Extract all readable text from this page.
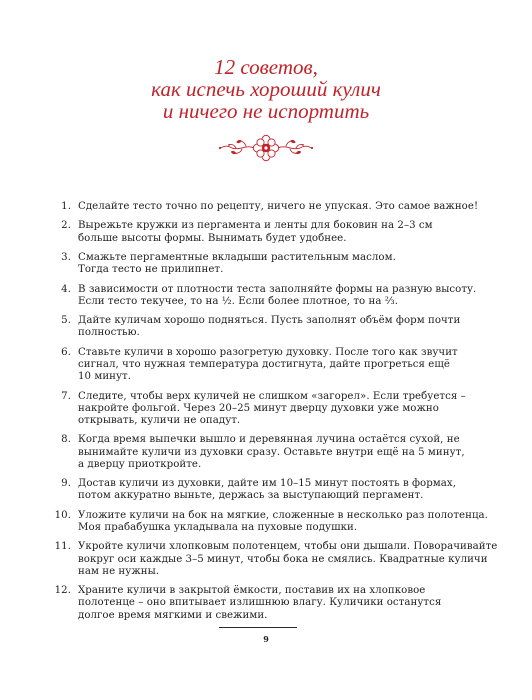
12 советов,
как испечь хороший кулич
и ничего не испортить
1. Сделайте тесто точно по рецепту, ничего не упуская. Это самое важное!
2. Вырежьте кружки из пергамента и ленты для боковин на 2–3 см
больше высоты формы. Вынимать будет удобнее.
3. Смажьте пергаментные вкладыши растительным маслом.
Тогда тесто не прилипнет.
4. В зависимости от плотности теста заполняйте формы на разную высоту.
Если тесто текучее, то на ½. Если более плотное, то на ⅔.
5. Дайте куличам хорошо подняться. Пусть заполнят объём форм почти
полностью.
6. Ставьте куличи в хорошо разогретую духовку. После того как звучит
сигнал, что нужная температура достигнута, дайте прогреться ещё
10 минут.
7. Следите, чтобы верх куличей не слишком «загорел». Если требуется –
накройте фольгой. Через 20–25 минут дверцу духовки уже можно
открывать, куличи не опадут.
8. Когда время выпечки вышло и деревянная лучина остаётся сухой, не
вынимайте куличи из духовки сразу. Оставьте внутри ещё на 5 минут,
а дверцу приоткройте.
9. Достав куличи из духовки, дайте им 10–15 минут постоять в формах,
потом аккуратно выньте, держась за выступающий пергамент.
10. Уложите куличи на бок на мягкие, сложенные в несколько раз полотенца.
Моя прабабушка укладывала на пуховые подушки.
11. Укройте куличи хлопковым полотенцем, чтобы они дышали. Поворачивайте
вокруг оси каждые 3–5 минут, чтобы бока не смялись. Квадратные куличи
нам не нужны.
12. Храните куличи в закрытой ёмкости, поставив их на хлопковое
полотенце – оно впитывает излишнюю влагу. Куличики останутся
долгое время мягкими и свежими.
9
